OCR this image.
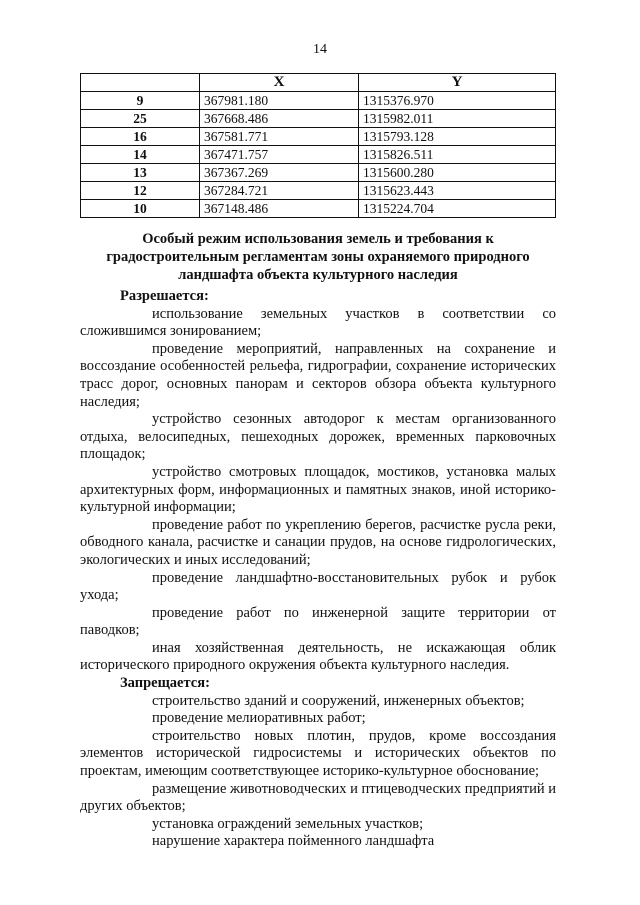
14
	X	Y
9	367981.180	1315376.970
25	367668.486	1315982.011
16	367581.771	1315793.128
14	367471.757	1315826.511
13	367367.269	1315600.280
12	367284.721	1315623.443
10	367148.486	1315224.704
Особый режим использования земель и требования к градостроительным регламентам зоны охраняемого природного ландшафта объекта культурного наследия
Разрешается:

использование земельных участков в соответствии со сложившимся зонированием;

проведение мероприятий, направленных на сохранение и воссоздание особенностей рельефа, гидрографии, сохранение исторических трасс дорог, основных панорам и секторов обзора объекта культурного наследия;

устройство сезонных автодорог к местам организованного отдыха, велосипедных, пешеходных дорожек, временных парковочных площадок;

устройство смотровых площадок, мостиков, установка малых архитектурных форм, информационных и памятных знаков, иной историко-культурной информации;

проведение работ по укреплению берегов, расчистке русла реки, обводного канала, расчистке и санации прудов, на основе гидрологических, экологических и иных исследований;

проведение ландшафтно-восстановительных рубок и рубок ухода;

проведение работ по инженерной защите территории от паводков;

иная хозяйственная деятельность, не искажающая облик исторического природного окружения объекта культурного наследия.

Запрещается:

строительство зданий и сооружений, инженерных объектов;

проведение мелиоративных работ;

строительство новых плотин, прудов, кроме воссоздания элементов исторической гидросистемы и исторических объектов по проектам, имеющим соответствующее историко-культурное обоснование;

размещение животноводческих и птицеводческих предприятий и других объектов;

установка ограждений земельных участков;

нарушение характера пойменного ландшафта
